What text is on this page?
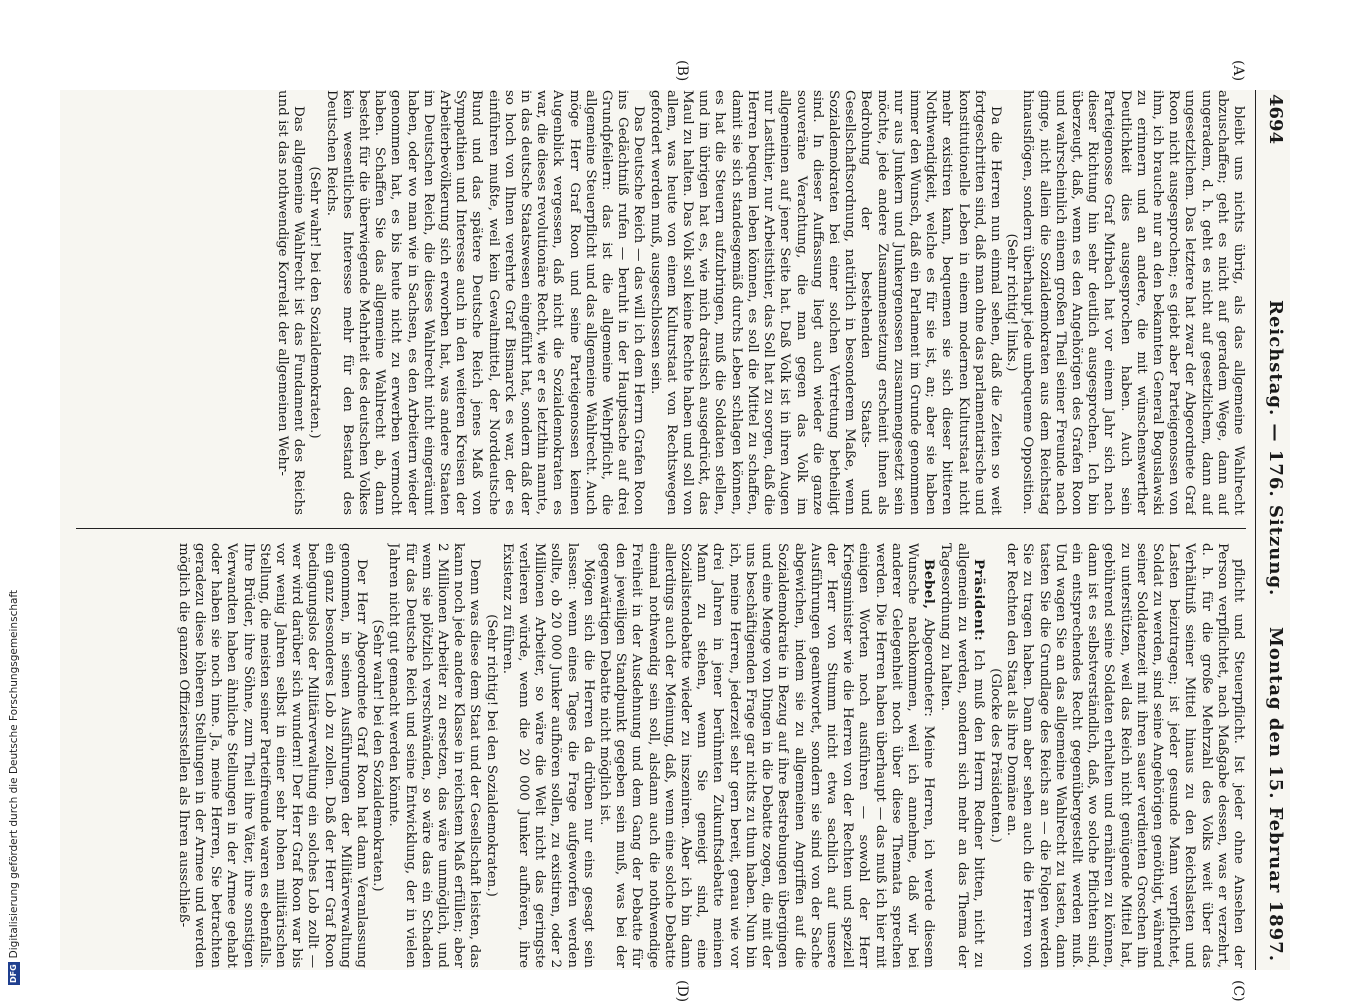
4694
Reichstag. — 176. Sitzung.
Montag den 15. Februar 1897.
(A)
(B)
(C)
(D)

bleibt uns nichts übrig, als das allgemeine Wahlrecht abzuschaffen; geht es nicht auf geradem Wege, dann auf ungeradem, d. h. geht es nicht auf gesetzlichem, dann auf ungesetzlichem. Das letztere hat zwar der Abgeordnete Graf Roon nicht ausgesprochen; es giebt aber Parteigenossen von ihm, ich brauche nur an den bekannten General Boguslawski zu erinnern und an andere, die mit wünschenswerther Deutlichkeit dies ausgesprochen haben. Auch sein Parteigenosse Graf Mirbach hat vor einem Jahr sich nach dieser Richtung hin sehr deutlich ausgesprochen. Ich bin überzeugt, daß, wenn es den Angehörigen des Grafen Roon und wahrscheinlich einem großen Theil seiner Freunde nach ginge, nicht allein die Sozialdemokraten aus dem Reichstag hinausflögen, sondern überhaupt jede unbequeme Opposition.

(Sehr richtig! links.)

Da die Herren nun einmal sehen, daß die Zeiten so weit fortgeschritten sind, daß man ohne das parlamentarische und konstitutionelle Leben in einem modernen Kulturstaat nicht mehr existiren kann, bequemen sie sich dieser bitteren Nothwendigkeit, welche es für sie ist, an; aber sie haben immer den Wunsch, daß ein Parlament im Grunde genommen nur aus Junkern und Junkergenossen zusammengesetzt sein möchte, jede andere Zusammensetzung erscheint ihnen als Bedrohung der bestehenden Staats- und Gesellschaftsordnung, natürlich in besonderem Maße, wenn Sozialdemokraten bei einer solchen Vertretung betheiligt sind. In dieser Auffassung liegt auch wieder die ganze souveräne Verachtung, die man gegen das Volk im allgemeinen auf jener Seite hat. Daß Volk ist in ihren Augen nur Lastthier, nur Arbeitsthier, das Soll hat zu sorgen, daß die Herren bequem leben können, es soll die Mittel zu schaffen, damit sie sich standesgemäß durchs Leben schlagen können, es hat die Steuern aufzubringen, muß die Soldaten stellen, und im übrigen hat es, wie mich drastisch ausgedrückt, das Maul zu halten. Das Volk soll keine Rechte haben und soll von allem, was heute von einem Kulturstaat von Rechtswegen gefordert werden muß, ausgeschlossen sein.

Das Deutsche Reich — das will ich dem Herrn Grafen Roon ins Gedächtniß rufen — beruht in der Hauptsache auf drei Grundpfeilern: das ist die allgemeine Wehrpflicht, die allgemeine Steuerpflicht und das allgemeine Wahlrecht. Auch möge Herr Graf Roon und seine Parteigenossen keinen Augenblick vergessen, daß nicht die Sozialdemokraten es war, die dieses revolutionäre Recht, wie er es letzthin nannte, in das deutsche Staatswesen eingeführt hat, sondern daß der so hoch von Ihnen verehrte Graf Bismarck es war, der es einführen mußte, weil kein Gewaltmittel, der Norddeutsche Bund und das spätere Deutsche Reich jenes Maß von Sympathien und Interesse auch in den weiteren Kreisen der Arbeiterbevölkerung sich erworben hat, was andere Staaten im Deutschen Reich, die dieses Wahlrecht nicht eingeräumt haben, oder wo man wie in Sachsen, es den Arbeitern wieder genommen hat, es bis heute nicht zu erwerben vermocht haben. Schaffen Sie das allgemeine Wahlrecht ab, dann besteht für die überwiegende Mehrheit des deutschen Volkes kein wesentliches Interesse mehr für den Bestand des Deutschen Reichs.

(Sehr wahr! bei den Sozialdemokraten.)

Das allgemeine Wahlrecht ist das Fundament des Reichs und ist das nothwendige Korrelat der allgemeinen Wehr-

pflicht und Steuerpflicht. Ist jeder ohne Ansehen der Person verpflichtet, nach Maßgabe dessen, was er verzehrt, d. h. für die große Mehrzahl des Volks weit über das Verhältniß seiner Mittel hinaus zu den Reichslasten und Lasten beizutragen; ist jeder gesunde Mann verpflichtet, Soldat zu werden, sind seine Angehörigen genöthigt, während seiner Soldatenzeit mit ihren sauer verdienten Groschen ihn zu unterstützen, weil das Reich nicht genügende Mittel hat, gebührend seine Soldaten erhalten und ernähren zu können, dann ist es selbstverständlich, daß, wo solche Pflichten sind, ein entsprechendes Recht gegenübergestellt werden muß. Und wagen Sie an das allgemeine Wahlrecht zu tasten, dann tasten Sie die Grundlage des Reichs an — die Folgen werden Sie zu tragen haben. Dann aber sehen auch die Herren von der Rechten den Staat als ihre Domäne an.

(Glocke des Präsidenten.)

Präsident: Ich muß den Herrn Redner bitten, nicht zu allgemein zu werden, sondern sich mehr an das Thema der Tagesordnung zu halten.

Bebel, Abgeordneter: Meine Herren, ich werde diesem Wunsche nachkommen, weil ich annehme, daß wir bei anderer Gelegenheit noch über diese Themata sprechen werden. Die Herren haben überhaupt — das muß ich hier mit einigen Worten noch ausführen — sowohl der Herr Kriegsminister wie die Herren von der Rechten und speziell der Herr von Stumm nicht etwa sachlich auf unsere Ausführungen geantwortet, sondern sie sind von der Sache abgewichen, indem sie zu allgemeinen Angriffen auf die Sozialdemokratie in Bezug auf ihre Bestrebungen übergingen und eine Menge von Dingen in die Debatte zogen, die mit der uns beschäftigenden Frage gar nichts zu thun haben. Nun bin ich, meine Herren, jederzeit sehr gern bereit, genau wie vor drei Jahren in jener berühmten Zukunftsdebatte meinen Mann zu stehen, wenn Sie geneigt sind, eine Sozialistendebatte wieder zu inszeniren. Aber ich bin dann allerdings auch der Meinung, daß, wenn eine solche Debatte einmal nothwendig sein soll, alsdann auch die nothwendige Freiheit in der Ausdehnung und dem Gang der Debatte für den jeweiligen Standpunkt gegeben sein muß, was bei der gegenwärtigen Debatte nicht möglich ist.

Mögen sich die Herren da drüben nur eins gesagt sein lassen: wenn eines Tages die Frage aufgeworfen werden sollte, ob 20 000 Junker aufhören sollen, zu existiren, oder 2 Millionen Arbeiter, so wäre die Welt nicht das geringste verlieren würde, wenn die 20 000 Junker aufhören, ihre Existenz zu führen.

(Sehr richtig! bei den Sozialdemokraten.)

Denn was diese dem Staat und der Gesellschaft leisten, das kann noch jede andere Klasse in reichstem Maß erfüllen; aber 2 Millionen Arbeiter zu ersetzen, das wäre unmöglich, und wenn sie plötzlich verschwänden, so wäre das ein Schaden für das Deutsche Reich und seine Entwicklung, der in vielen Jahren nicht gut gemacht werden könnte.

(Sehr wahr! bei den Sozialdemokraten.)

Der Herr Abgeordnete Graf Roon hat dann Veranlassung genommen, in seinen Ausführungen der Militärverwaltung ein ganz besonderes Lob zu zollen. Daß der Herr Graf Roon bedingungslos der Militärverwaltung ein solches Lob zollt — wer wird darüber sich wundern! Der Herr Graf Roon war bis vor wenig Jahren selbst in einer sehr hohen militärischen Stellung, die meisten seiner Parteifreunde waren es ebenfalls. Ihre Brüder, ihre Söhne, zum Theil ihre Väter, ihre sonstigen Verwandten haben ähnliche Stellungen in der Armee gehabt oder haben sie noch inne. Ja, meine Herren, Sie betrachten geradezu diese höheren Stellungen in der Armee und werden möglich die ganzen Offiziersstellen als Ihren ausschließ-

DFGDigitalisierung gefördert durch die Deutsche Forschungsgemeinschaft
